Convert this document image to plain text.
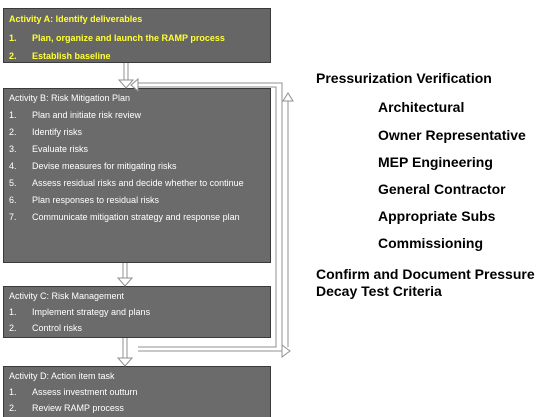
Activity A: Identify deliverables
1. Plan, organize and launch the RAMP process
2. Establish baseline
Activity B: Risk Mitigation Plan
1. Plan and initiate risk review
2. Identify risks
3. Evaluate risks
4. Devise measures for mitigating risks
5. Assess residual risks and decide whether to continue
6. Plan responses to residual risks
7. Communicate mitigation strategy and response plan
Activity C: Risk Management
1. Implement strategy and plans
2. Control risks
Activity D: Action item task
1. Assess investment outturn
2. Review RAMP process
Pressurization Verification
Architectural
Owner Representative
MEP Engineering
General Contractor
Appropriate Subs
Commissioning
Confirm and Document Pressure Decay Test Criteria
